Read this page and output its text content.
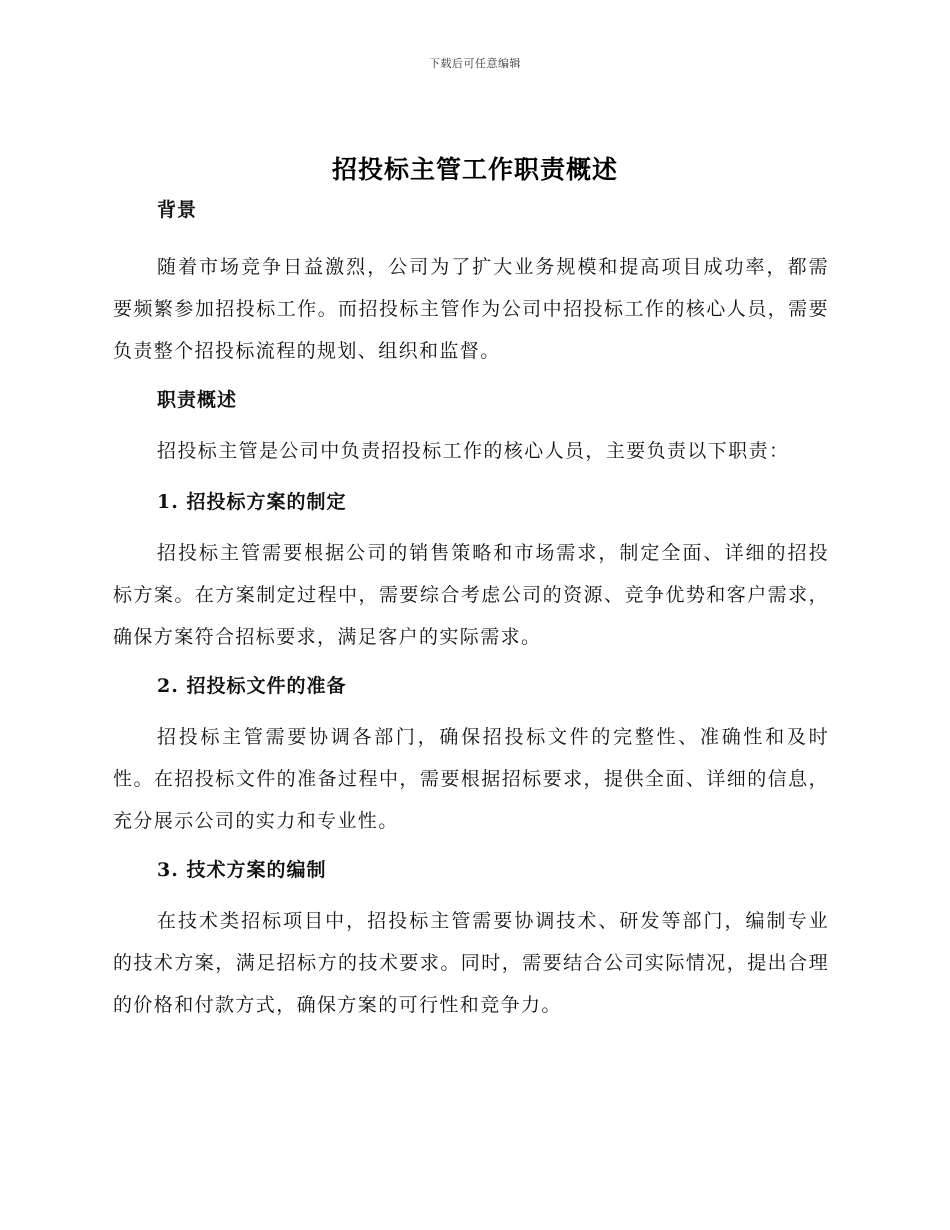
下载后可任意编辑
招投标主管工作职责概述
背景

随着市场竞争日益激烈，公司为了扩大业务规模和提高项目成功率，都需要频繁参加招投标工作。而招投标主管作为公司中招投标工作的核心人员，需要负责整个招投标流程的规划、组织和监督。

职责概述

招投标主管是公司中负责招投标工作的核心人员，主要负责以下职责：

1. 招投标方案的制定

招投标主管需要根据公司的销售策略和市场需求，制定全面、详细的招投标方案。在方案制定过程中，需要综合考虑公司的资源、竞争优势和客户需求，确保方案符合招标要求，满足客户的实际需求。

2. 招投标文件的准备

招投标主管需要协调各部门，确保招投标文件的完整性、准确性和及时性。在招投标文件的准备过程中，需要根据招标要求，提供全面、详细的信息，充分展示公司的实力和专业性。

3. 技术方案的编制

在技术类招标项目中，招投标主管需要协调技术、研发等部门，编制专业的技术方案，满足招标方的技术要求。同时，需要结合公司实际情况，提出合理的价格和付款方式，确保方案的可行性和竞争力。
